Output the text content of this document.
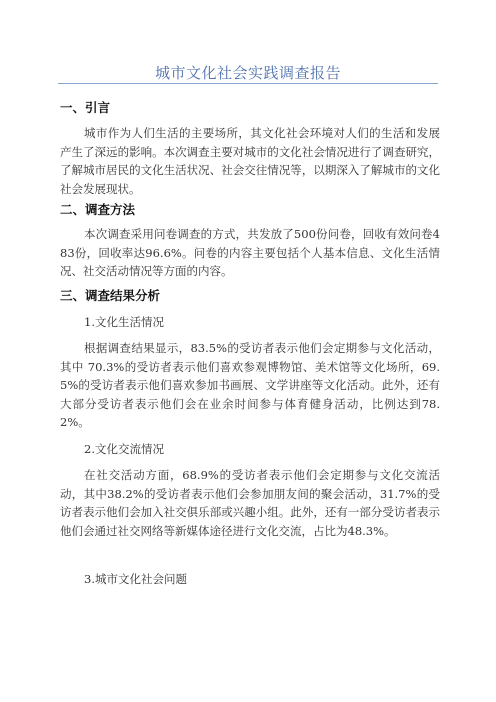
城市文化社会实践调查报告
一、引言

城市作为人们生活的主要场所，其文化社会环境对人们的生活和发展产生了深远的影响。本次调查主要对城市的文化社会情况进行了调查研究，了解城市居民的文化生活状况、社会交往情况等，以期深入了解城市的文化社会发展现状。

二、调查方法

本次调查采用问卷调查的方式，共发放了500份问卷，回收有效问卷483份，回收率达96.6%。问卷的内容主要包括个人基本信息、文化生活情况、社交活动情况等方面的内容。

三、调查结果分析
1.文化生活情况

根据调查结果显示，83.5%的受访者表示他们会定期参与文化活动，其中 70.3%的受访者表示他们喜欢参观博物馆、美术馆等文化场所，69.5%的受访者表示他们喜欢参加书画展、文学讲座等文化活动。此外，还有大部分受访者表示他们会在业余时间参与体育健身活动，比例达到78.2%。

2.文化交流情况

在社交活动方面，68.9%的受访者表示他们会定期参与文化交流活动，其中38.2%的受访者表示他们会参加朋友间的聚会活动，31.7%的受访者表示他们会加入社交俱乐部或兴趣小组。此外，还有一部分受访者表示他们会通过社交网络等新媒体途径进行文化交流，占比为48.3%。

3.城市文化社会问题
